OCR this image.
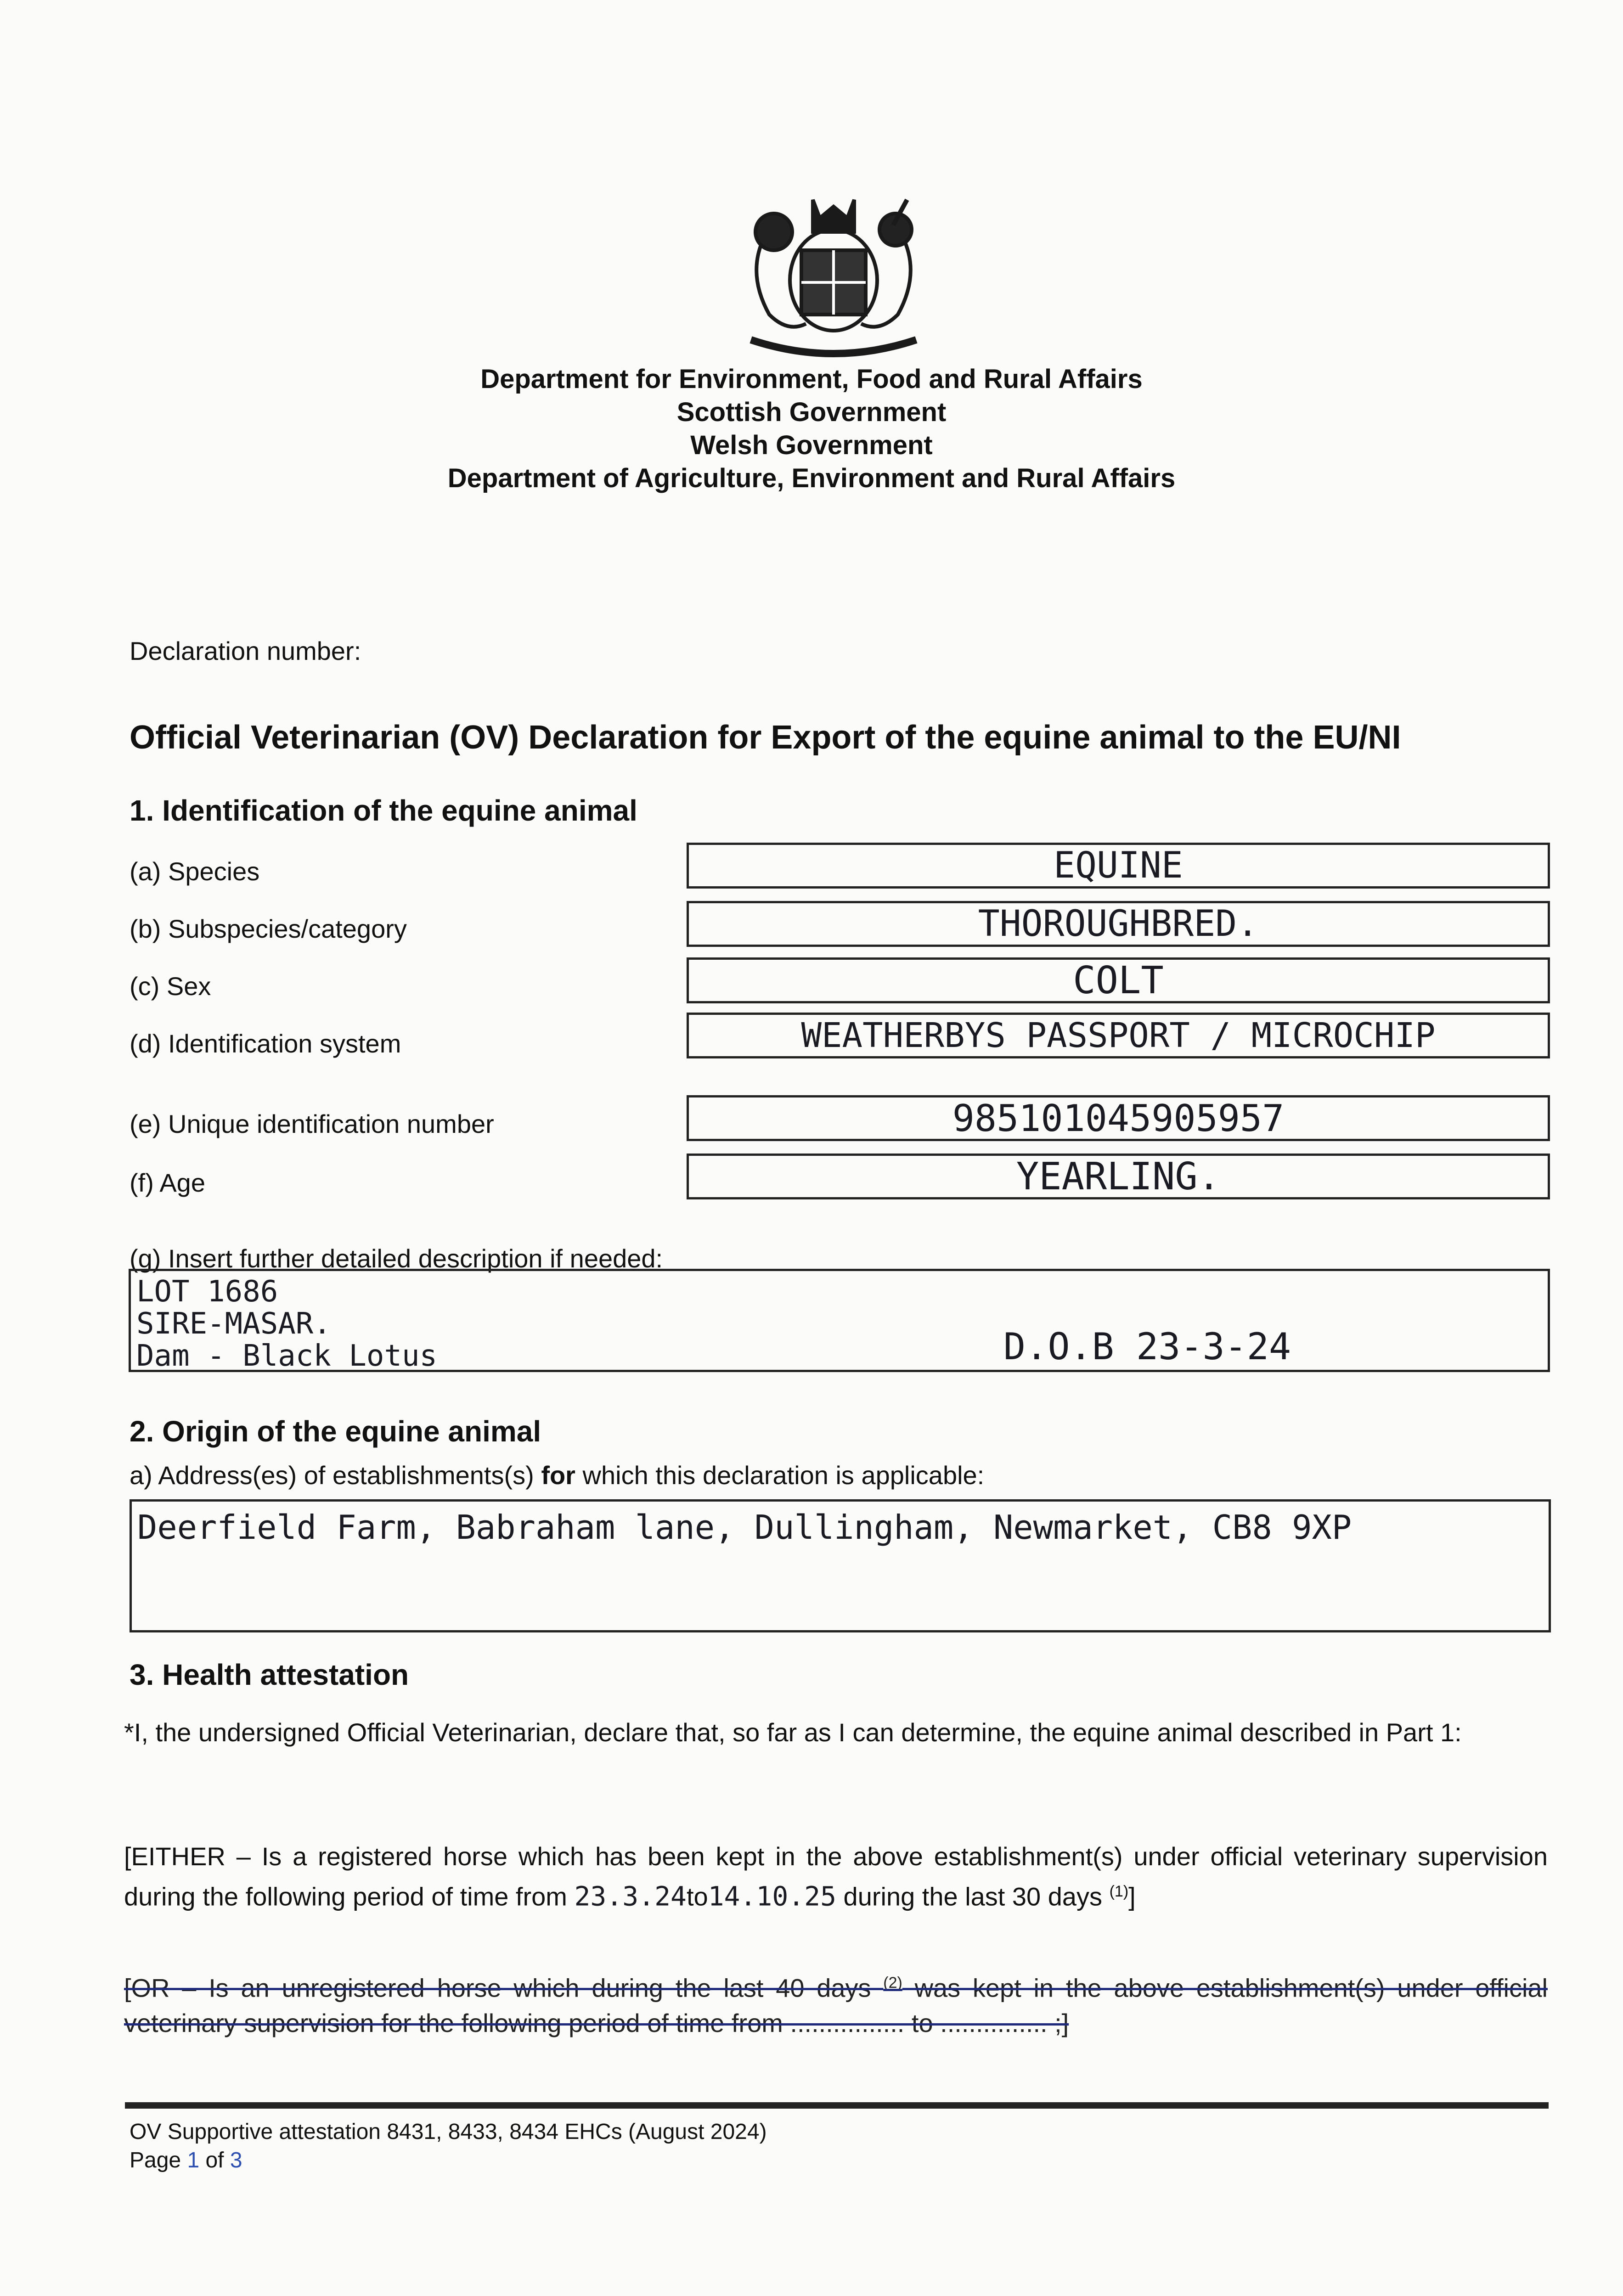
Department for Environment, Food and Rural Affairs
Scottish Government
Welsh Government
Department of Agriculture, Environment and Rural Affairs
Declaration number:
Official Veterinarian (OV) Declaration for Export of the equine animal to the EU/NI
1. Identification of the equine animal
(a) Species	EQUINE
(b) Subspecies/category	THOROUGHBRED.
(c) Sex	COLT
(d) Identification system	WEATHERBYS PASSPORT / MICROCHIP
(e) Unique identification number	985101045905957
(f) Age	YEARLING.
(g) Insert further detailed description if needed:
LOT 1686
SIRE-MASAR.
Dam - Black Lotus	D.O.B 23-3-24
2. Origin of the equine animal
a) Address(es) of establishments(s) for which this declaration is applicable:
Deerfield Farm, Babraham lane, Dullingham, Newmarket, CB8 9XP
3. Health attestation
*I, the undersigned Official Veterinarian, declare that, so far as I can determine, the equine animal described in Part 1:
[EITHER – Is a registered horse which has been kept in the above establishment(s) under official veterinary supervision during the following period of time from 23.3.24to14.10.25 during the last 30 days $^{(1)}$]
[OR – Is an unregistered horse which during the last 40 days $^{(2)}$ was kept in the above establishment(s) under official veterinary supervision for the following period of time from ................ to ............... ;]
OV Supportive attestation 8431, 8433, 8434 EHCs (August 2024)
Page 1 of 3
